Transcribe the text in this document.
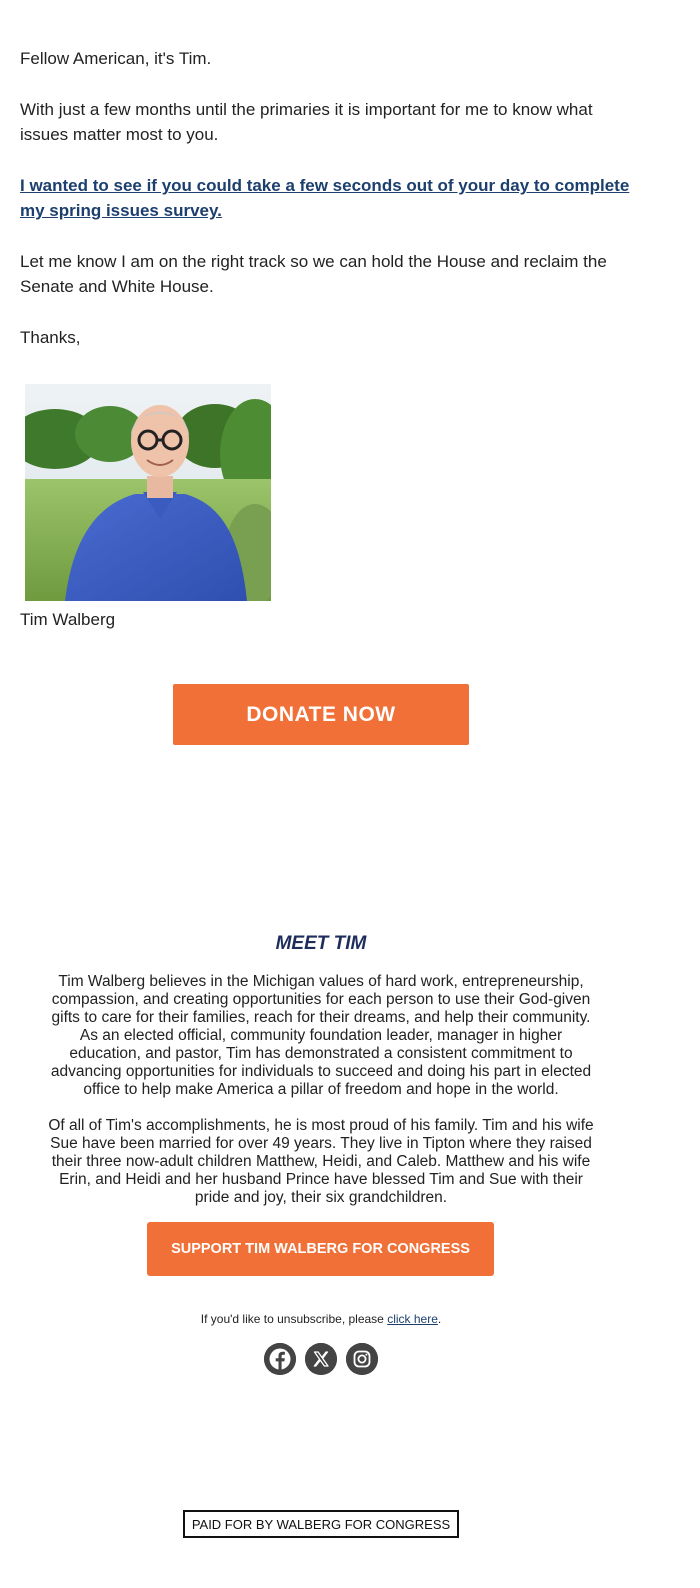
Fellow American, it's Tim.

With just a few months until the primaries it is important for me to know what issues matter most to you.

I wanted to see if you could take a few seconds out of your day to complete my spring issues survey.

Let me know I am on the right track so we can hold the House and reclaim the Senate and White House.

Thanks,

Tim Walberg
DONATE NOW
MEET TIM

Tim Walberg believes in the Michigan values of hard work, entrepreneurship, compassion, and creating opportunities for each person to use their God-given gifts to care for their families, reach for their dreams, and help their community. As an elected official, community foundation leader, manager in higher education, and pastor, Tim has demonstrated a consistent commitment to advancing opportunities for individuals to succeed and doing his part in elected office to help make America a pillar of freedom and hope in the world.

Of all of Tim's accomplishments, he is most proud of his family. Tim and his wife Sue have been married for over 49 years. They live in Tipton where they raised their three now-adult children Matthew, Heidi, and Caleb. Matthew and his wife Erin, and Heidi and her husband Prince have blessed Tim and Sue with their pride and joy, their six grandchildren.

SUPPORT TIM WALBERG FOR CONGRESS
If you'd like to unsubscribe, please click here.
PAID FOR BY WALBERG FOR CONGRESS
